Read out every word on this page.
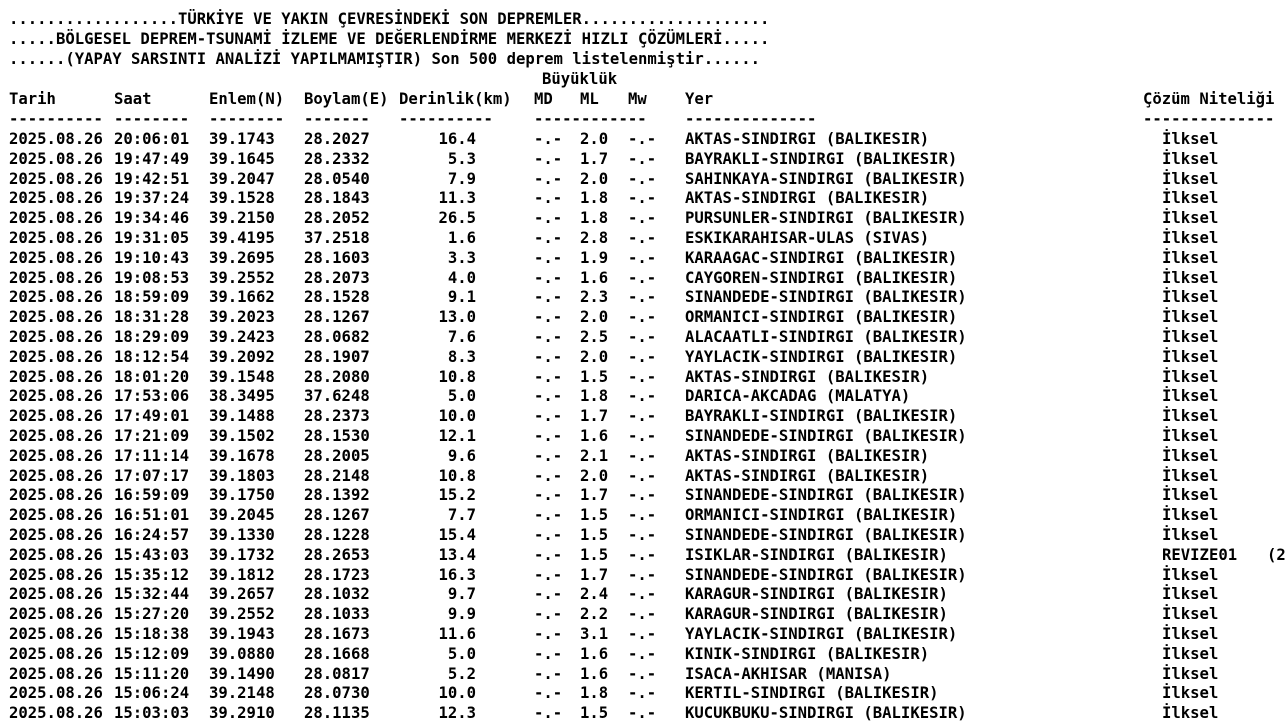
..................TÜRKİYE VE YAKIN ÇEVRESİNDEKİ SON DEPREMLER....................
.....BÖLGESEL DEPREM-TSUNAMİ İZLEME VE DEĞERLENDİRME MERKEZİ HIZLI ÇÖZÜMLERİ.....
......(YAPAY SARSINTI ANALİZİ YAPILMAMIŞTIR) Son 500 deprem listelenmiştir......
Büyüklük
Tarih	Saat	Enlem(N) Boylam(E) Derinlik(km) MD ML Mw Yer	Çözüm Niteliği
---------- -------- -------- ------- ----------	------------ --------------	--------------
2025.08.26 20:06:01 39.1743 28.2027	16.4	-.- 2.0 -.- AKTAS-SINDIRGI (BALIKESIR)	İlksel
2025.08.26 19:47:49 39.1645 28.2332	5.3	-.- 1.7 -.- BAYRAKLI-SINDIRGI (BALIKESIR)	İlksel
2025.08.26 19:42:51 39.2047 28.0540	7.9	-.- 2.0 -.- SAHINKAYA-SINDIRGI (BALIKESIR)	İlksel
2025.08.26 19:37:24 39.1528 28.1843	11.3	-.- 1.8 -.- AKTAS-SINDIRGI (BALIKESIR)	İlksel
2025.08.26 19:34:46 39.2150 28.2052	26.5	-.- 1.8 -.- PURSUNLER-SINDIRGI (BALIKESIR)	İlksel
2025.08.26 19:31:05 39.4195 37.2518	1.6	-.- 2.8 -.- ESKIKARAHISAR-ULAS (SIVAS)	İlksel
2025.08.26 19:10:43 39.2695 28.1603	3.3	-.- 1.9 -.- KARAAGAC-SINDIRGI (BALIKESIR)	İlksel
2025.08.26 19:08:53 39.2552 28.2073	4.0	-.- 1.6 -.- CAYGOREN-SINDIRGI (BALIKESIR)	İlksel
2025.08.26 18:59:09 39.1662 28.1528	9.1	-.- 2.3 -.- SINANDEDE-SINDIRGI (BALIKESIR)	İlksel
2025.08.26 18:31:28 39.2023 28.1267	13.0	-.- 2.0 -.- ORMANICI-SINDIRGI (BALIKESIR)	İlksel
2025.08.26 18:29:09 39.2423 28.0682	7.6	-.- 2.5 -.- ALACAATLI-SINDIRGI (BALIKESIR)	İlksel
2025.08.26 18:12:54 39.2092 28.1907	8.3	-.- 2.0 -.- YAYLACIK-SINDIRGI (BALIKESIR)	İlksel
2025.08.26 18:01:20 39.1548 28.2080	10.8	-.- 1.5 -.- AKTAS-SINDIRGI (BALIKESIR)	İlksel
2025.08.26 17:53:06 38.3495 37.6248	5.0	-.- 1.8 -.- DARICA-AKCADAG (MALATYA)	İlksel
2025.08.26 17:49:01 39.1488 28.2373	10.0	-.- 1.7 -.- BAYRAKLI-SINDIRGI (BALIKESIR)	İlksel
2025.08.26 17:21:09 39.1502 28.1530	12.1	-.- 1.6 -.- SINANDEDE-SINDIRGI (BALIKESIR)	İlksel
2025.08.26 17:11:14 39.1678 28.2005	9.6	-.- 2.1 -.- AKTAS-SINDIRGI (BALIKESIR)	İlksel
2025.08.26 17:07:17 39.1803 28.2148	10.8	-.- 2.0 -.- AKTAS-SINDIRGI (BALIKESIR)	İlksel
2025.08.26 16:59:09 39.1750 28.1392	15.2	-.- 1.7 -.- SINANDEDE-SINDIRGI (BALIKESIR)	İlksel
2025.08.26 16:51:01 39.2045 28.1267	7.7	-.- 1.5 -.- ORMANICI-SINDIRGI (BALIKESIR)	İlksel
2025.08.26 16:24:57 39.1330 28.1228	15.4	-.- 1.5 -.- SINANDEDE-SINDIRGI (BALIKESIR)	İlksel
2025.08.26 15:43:03 39.1732 28.2653	13.4	-.- 1.5 -.- ISIKLAR-SINDIRGI (BALIKESIR)	REVIZE01 (2
2025.08.26 15:35:12 39.1812 28.1723	16.3	-.- 1.7 -.- SINANDEDE-SINDIRGI (BALIKESIR)	İlksel
2025.08.26 15:32:44 39.2657 28.1032	9.7	-.- 2.4 -.- KARAGUR-SINDIRGI (BALIKESIR)	İlksel
2025.08.26 15:27:20 39.2552 28.1033	9.9	-.- 2.2 -.- KARAGUR-SINDIRGI (BALIKESIR)	İlksel
2025.08.26 15:18:38 39.1943 28.1673	11.6	-.- 3.1 -.- YAYLACIK-SINDIRGI (BALIKESIR)	İlksel
2025.08.26 15:12:09 39.0880 28.1668	5.0	-.- 1.6 -.- KINIK-SINDIRGI (BALIKESIR)	İlksel
2025.08.26 15:11:20 39.1490 28.0817	5.2	-.- 1.6 -.- ISACA-AKHISAR (MANISA)	İlksel
2025.08.26 15:06:24 39.2148 28.0730	10.0	-.- 1.8 -.- KERTIL-SINDIRGI (BALIKESIR)	İlksel
2025.08.26 15:03:03 39.2910 28.1135	12.3	-.- 1.5 -.- KUCUKBUKU-SINDIRGI (BALIKESIR)	İlksel
